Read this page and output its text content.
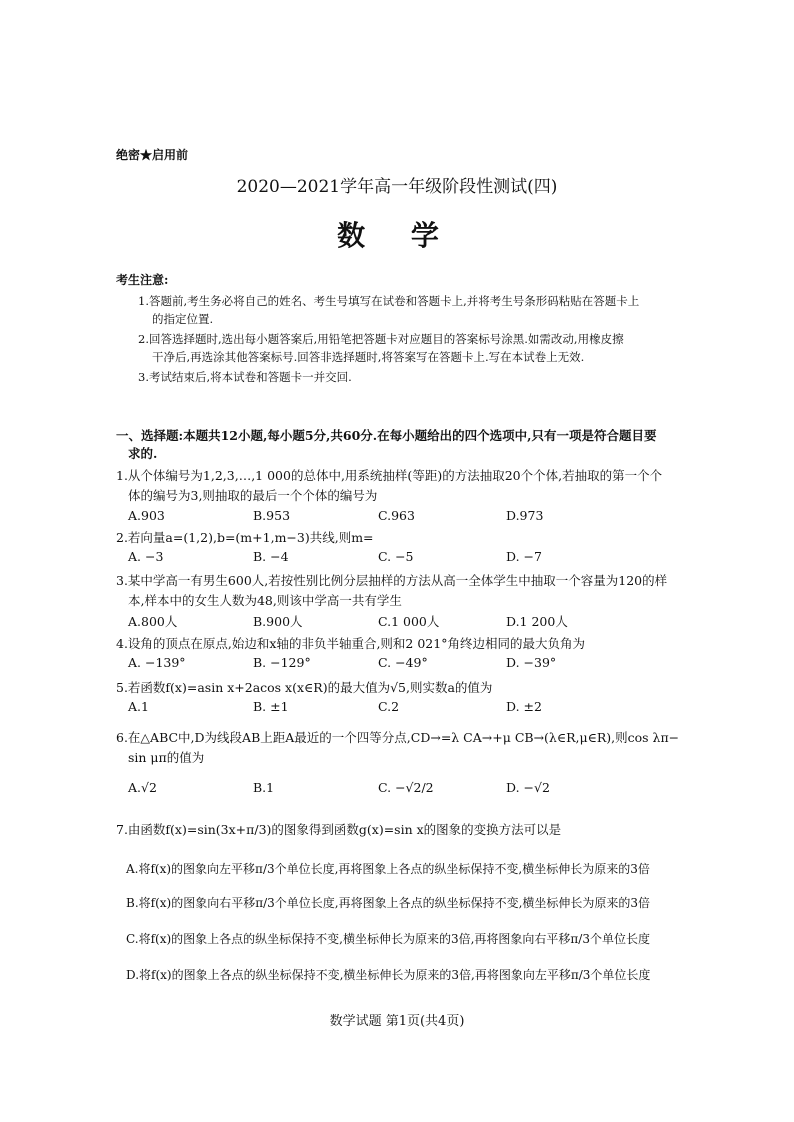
绝密★启用前
2020—2021学年高一年级阶段性测试(四)
数 学
考生注意:
1.答题前,考生务必将自己的姓名、考生号填写在试卷和答题卡上,并将考生号条形码粘贴在答题卡上
的指定位置.
2.回答选择题时,选出每小题答案后,用铅笔把答题卡对应题目的答案标号涂黑.如需改动,用橡皮擦
干净后,再选涂其他答案标号.回答非选择题时,将答案写在答题卡上.写在本试卷上无效.
3.考试结束后,将本试卷和答题卡一并交回.
一、选择题:本题共12小题,每小题5分,共60分.在每小题给出的四个选项中,只有一项是符合题目要
求的.
1.从个体编号为1,2,3,…,1 000的总体中,用系统抽样(等距)的方法抽取20个个体,若抽取的第一个个
体的编号为3,则抽取的最后一个个体的编号为
A.903	B.953	C.963	D.973
2.若向量a=(1,2),b=(m+1,m−3)共线,则m=
A. −3	B. −4	C. −5	D. −7
3.某中学高一有男生600人,若按性别比例分层抽样的方法从高一全体学生中抽取一个容量为120的样
本,样本中的女生人数为48,则该中学高一共有学生
A.800人	B.900人	C.1 000人	D.1 200人
4.设角的顶点在原点,始边和x轴的非负半轴重合,则和2 021°角终边相同的最大负角为
A. −139°	B. −129°	C. −49°	D. −39°
5.若函数f(x)=asin x+2acos x(x∈R)的最大值为√5,则实数a的值为
A.1	B. ±1	C.2	D. ±2
6.在△ABC中,D为线段AB上距A最近的一个四等分点,CD→=λ CA→+μ CB→(λ∈R,μ∈R),则cos λπ−
sin μπ的值为
A.√2	B.1	C. −√2/2	D. −√2
7.由函数f(x)=sin(3x+π/3)的图象得到函数g(x)=sin x的图象的变换方法可以是
A.将f(x)的图象向左平移π/3个单位长度,再将图象上各点的纵坐标保持不变,横坐标伸长为原来的3倍
B.将f(x)的图象向右平移π/3个单位长度,再将图象上各点的纵坐标保持不变,横坐标伸长为原来的3倍
C.将f(x)的图象上各点的纵坐标保持不变,横坐标伸长为原来的3倍,再将图象向右平移π/3个单位长度
D.将f(x)的图象上各点的纵坐标保持不变,横坐标伸长为原来的3倍,再将图象向左平移π/3个单位长度
数学试题 第1页(共4页)
